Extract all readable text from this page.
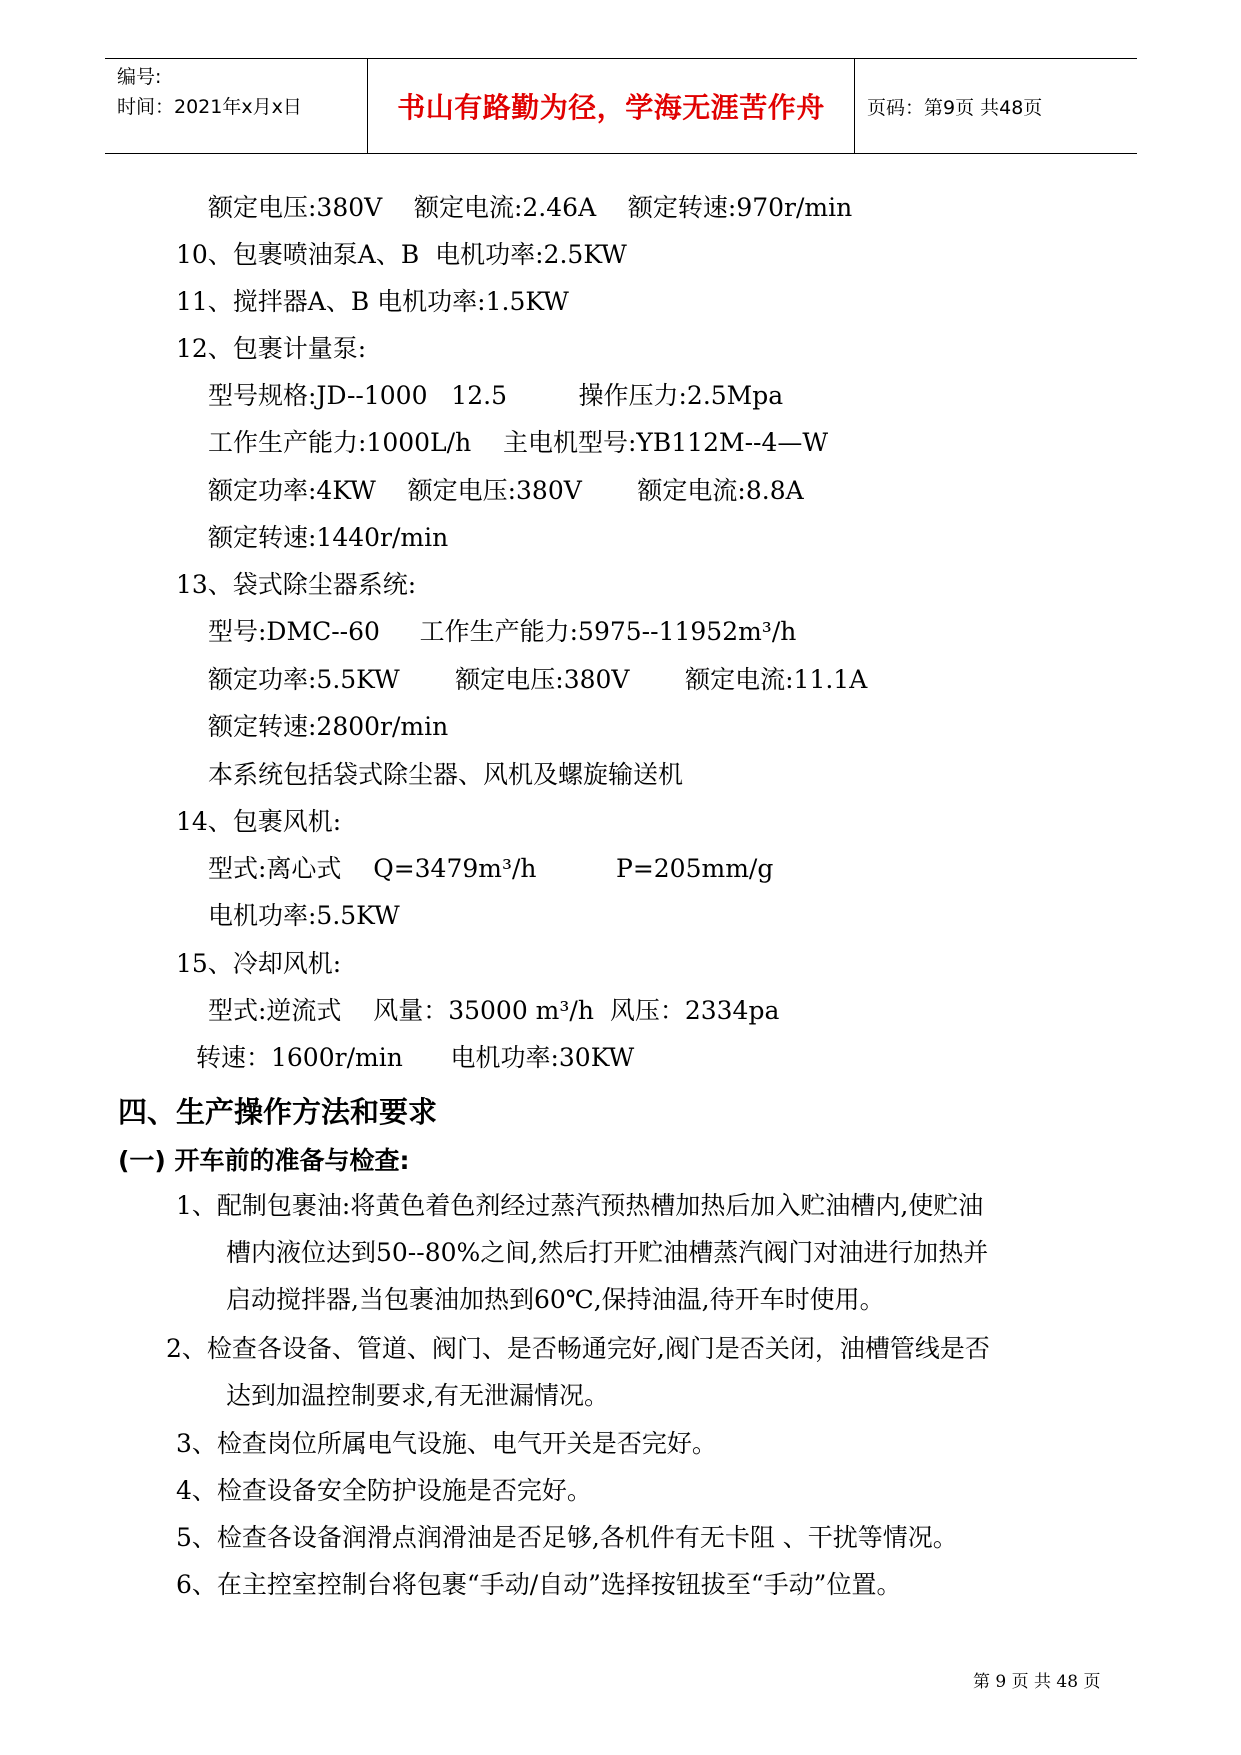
编号:
时间：2021年x月x日	书山有路勤为径，学海无涯苦作舟 页码：第9页 共48页
额定电压:380V    额定电流:2.46A    额定转速:970r/min
10、包裹喷油泵A、B  电机功率:2.5KW
11、搅拌器A、B 电机功率:1.5KW
12、包裹计量泵:
型号规格:JD--1000   12.5         操作压力:2.5Mpa
工作生产能力:1000L/h    主电机型号:YB112M--4—W
额定功率:4KW    额定电压:380V       额定电流:8.8A
额定转速:1440r/min
13、袋式除尘器系统:
型号:DMC--60     工作生产能力:5975--11952m³/h
额定功率:5.5KW       额定电压:380V       额定电流:11.1A
额定转速:2800r/min
本系统包括袋式除尘器、风机及螺旋输送机
14、包裹风机:
型式:离心式    Q=3479m³/h          P=205mm/g
电机功率:5.5KW
15、冷却风机:
型式:逆流式    风量：35000 m³/h  风压：2334pa
转速：1600r/min      电机功率:30KW
四、生产操作方法和要求
(一) 开车前的准备与检查:
1、配制包裹油:将黄色着色剂经过蒸汽预热槽加热后加入贮油槽内,使贮油
槽内液位达到50--80%之间,然后打开贮油槽蒸汽阀门对油进行加热并
启动搅拌器,当包裹油加热到60℃,保持油温,待开车时使用。
2、检查各设备、管道、阀门、是否畅通完好,阀门是否关闭，油槽管线是否
达到加温控制要求,有无泄漏情况。
3、检查岗位所属电气设施、电气开关是否完好。
4、检查设备安全防护设施是否完好。
5、检查各设备润滑点润滑油是否足够,各机件有无卡阻 、干扰等情况。
6、在主控室控制台将包裹“手动/自动”选择按钮拔至“手动”位置。
第 9 页 共 48 页
